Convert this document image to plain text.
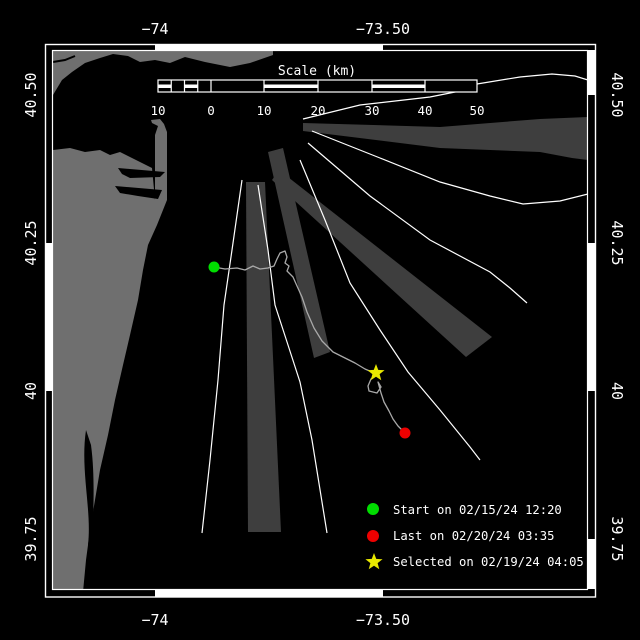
Scale (km)
10	0	10	20	30	40	50
−74	−73.50
−74	−73.50
40.50
40.25
40
39.75
40.50
40.25
40
39.75
Start on 02/15/24 12:20
Last on 02/20/24 03:35
Selected on 02/19/24 04:05
